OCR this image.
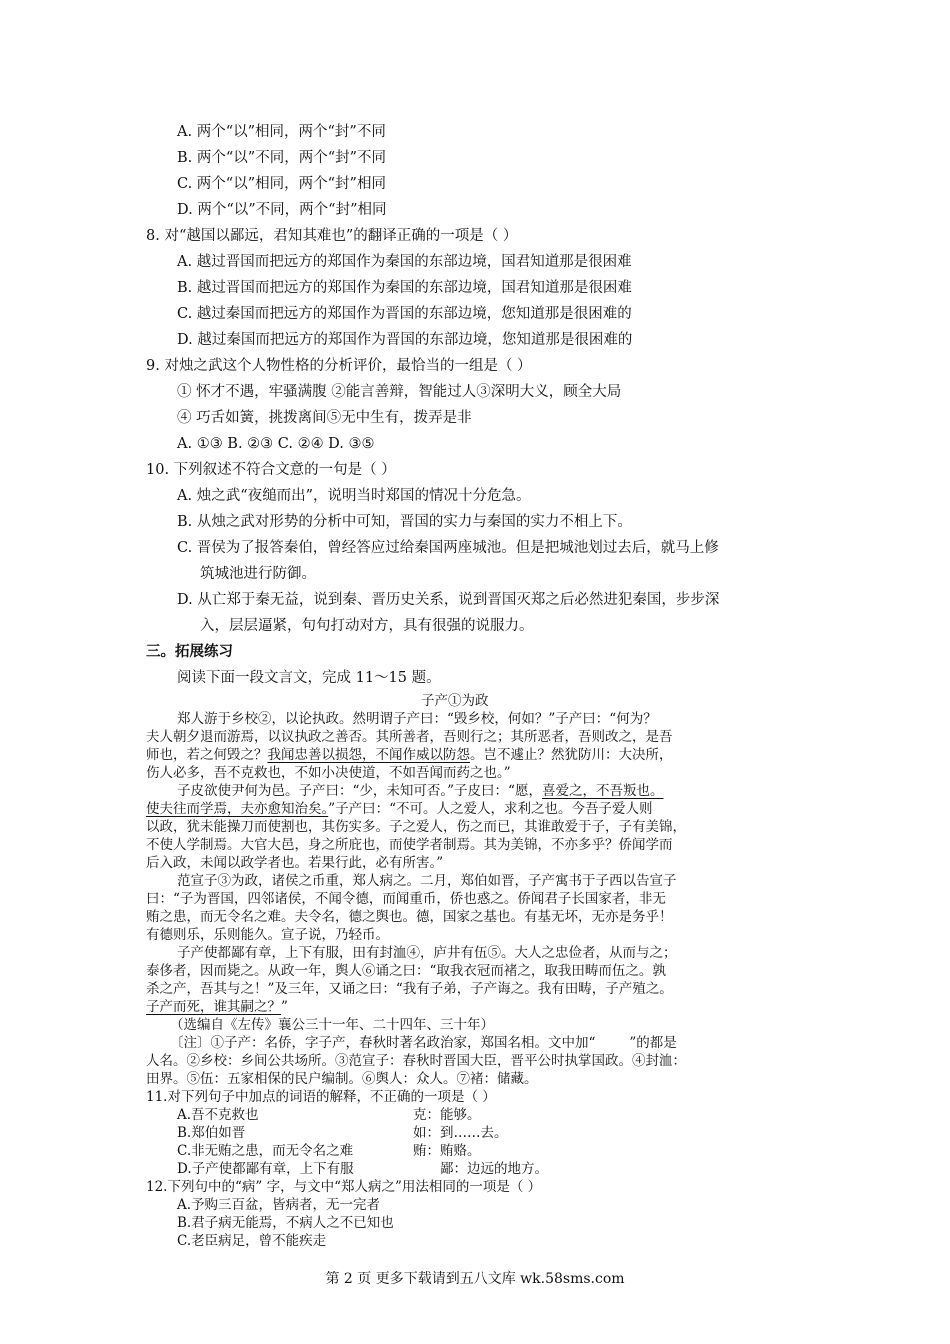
A. 两个“以”相同，两个“封”不同
B. 两个“以”不同，两个“封”不同
C. 两个“以”相同，两个“封”相同
D. 两个“以”不同，两个“封”相同
8. 对“越国以鄙远，君知其难也”的翻译正确的一项是（ ）
A. 越过晋国而把远方的郑国作为秦国的东部边境，国君知道那是很困难
B. 越过晋国而把远方的郑国作为秦国的东部边境，国君知道那是很困难
C. 越过秦国而把远方的郑国作为晋国的东部边境，您知道那是很困难的
D. 越过秦国而把远方的郑国作为晋国的东部边境，您知道那是很困难的
9. 对烛之武这个人物性格的分析评价，最恰当的一组是（ ）
① 怀才不遇，牢骚满腹 ②能言善辩，智能过人③深明大义，顾全大局
④ 巧舌如簧，挑拨离间⑤无中生有，拨弄是非
A. ①③ B. ②③ C. ②④ D. ③⑤
10. 下列叙述不符合文意的一句是（ ）
A. 烛之武“夜缒而出”，说明当时郑国的情况十分危急。
B. 从烛之武对形势的分析中可知，晋国的实力与秦国的实力不相上下。
C. 晋侯为了报答秦伯，曾经答应过给秦国两座城池。但是把城池划过去后，就马上修
筑城池进行防御。
D. 从亡郑于秦无益，说到秦、晋历史关系，说到晋国灭郑之后必然进犯秦国，步步深
入，层层逼紧，句句打动对方，具有很强的说服力。
三。拓展练习
阅读下面一段文言文，完成 11～15 题。
子产①为政
郑人游于乡校②，以论执政。然明谓子产曰：“毁乡校，何如？”子产曰：“何为？
夫人朝夕退而游焉，以议执政之善否。其所善者，吾则行之；其所恶者，吾则改之，是吾
师也，若之何毁之？我闻忠善以损怨，不闻作威以防怨。岂不遽止？然犹防川：大决所，
伤人必多，吾不克救也，不如小决使道，不如吾闻而药之也。”
子皮欲使尹何为邑。子产曰：“少，未知可否。”子皮曰：“愿，喜爱之，不吾叛也。
使夫往而学焉，夫亦愈知治矣。”子产曰：“不可。人之爱人，求利之也。今吾子爱人则
以政，犹未能操刀而使割也，其伤实多。子之爱人，伤之而已，其谁敢爱于子，子有美锦，
不使人学制焉。大官大邑，身之所庇也，而使学者制焉。其为美锦，不亦多乎？侨闻学而
后入政，未闻以政学者也。若果行此，必有所害。”
范宣子③为政，诸侯之币重，郑人病之。二月，郑伯如晋，子产寓书于子西以告宣子
曰：“子为晋国，四邻诸侯，不闻令德，而闻重币，侨也惑之。侨闻君子长国家者，非无
贿之患，而无令名之难。夫令名，德之舆也。德，国家之基也。有基无坏，无亦是务乎！
有德则乐，乐则能久。宣子说，乃轻币。
子产使都鄙有章，上下有服，田有封洫④，庐井有伍⑤。大人之忠俭者，从而与之；
泰侈者，因而毙之。从政一年，舆人⑥诵之曰：“取我衣冠而褚之，取我田畴而伍之。孰
杀之产，吾其与之！”及三年，又诵之曰：“我有子弟，子产诲之。我有田畴，子产殖之。
子产而死，谁其嗣之？”
（选编自《左传》襄公三十一年、二十四年、三十年）
〔注〕①子产：名侨，字子产，春秋时著名政治家，郑国名相。文中加“~~~”的都是
人名。②乡校：乡间公共场所。③范宣子：春秋时晋国大臣，晋平公时执掌国政。④封洫：
田界。⑤伍：五家相保的民户编制。⑥舆人：众人。⑦褚：储藏。
11.对下列句子中加点的词语的解释，不正确的一项是（ ）
A.吾不克救也	克：能够。
B.郑伯如晋	如：到……去。
C.非无贿之患，而无令名之难	贿：贿赂。
D.子产使都鄙有章，上下有服	鄙：边远的地方。
12.下列句中的“病” 字，与文中“郑人病之”用法相同的一项是（ ）
A.予购三百盆，皆病者，无一完者
B.君子病无能焉，不病人之不已知也
C.老臣病足，曾不能疾走
第 2 页 更多下载请到五八文库 wk.58sms.com
